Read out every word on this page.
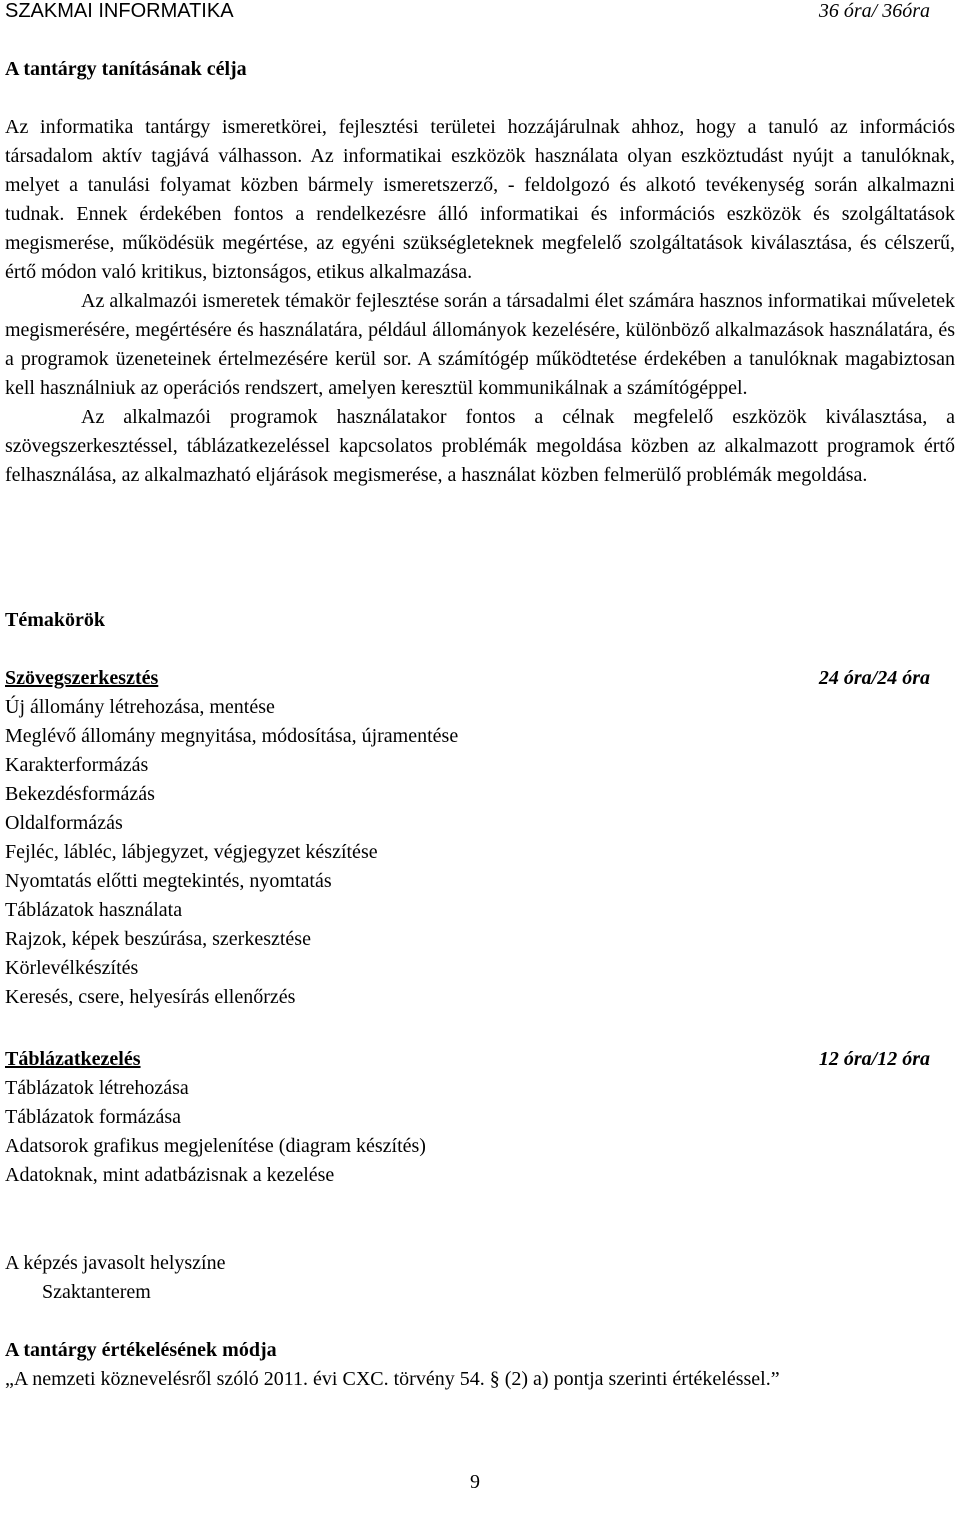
SZAKMAI INFORMATIKA	36 óra/ 36óra
A tantárgy tanításának célja

Az informatika tantárgy ismeretkörei, fejlesztési területei hozzájárulnak ahhoz, hogy a tanuló az információs társadalom aktív tagjává válhasson. Az informatikai eszközök használata olyan eszköztudást nyújt a tanulóknak, melyet a tanulási folyamat közben bármely ismeretszerző, - feldolgozó és alkotó tevékenység során alkalmazni tudnak. Ennek érdekében fontos a rendelkezésre álló informatikai és információs eszközök és szolgáltatások megismerése, működésük megértése, az egyéni szükségleteknek megfelelő szolgáltatások kiválasztása, és célszerű, értő módon való kritikus, biztonságos, etikus alkalmazása.

Az alkalmazói ismeretek témakör fejlesztése során a társadalmi élet számára hasznos informatikai műveletek megismerésére, megértésére és használatára, például állományok kezelésére, különböző alkalmazások használatára, és a programok üzeneteinek értelmezésére kerül sor. A számítógép működtetése érdekében a tanulóknak magabiztosan kell használniuk az operációs rendszert, amelyen keresztül kommunikálnak a számítógéppel.

Az alkalmazói programok használatakor fontos a célnak megfelelő eszközök kiválasztása, a szövegszerkesztéssel, táblázatkezeléssel kapcsolatos problémák megoldása közben az alkalmazott programok értő felhasználása, az alkalmazható eljárások megismerése, a használat közben felmerülő problémák megoldása.

Témakörök
Szövegszerkesztés	24 óra/24 óra
Új állomány létrehozása, mentése
Meglévő állomány megnyitása, módosítása, újramentése
Karakterformázás
Bekezdésformázás
Oldalformázás
Fejléc, lábléc, lábjegyzet, végjegyzet készítése
Nyomtatás előtti megtekintés, nyomtatás
Táblázatok használata
Rajzok, képek beszúrása, szerkesztése
Körlevélkészítés
Keresés, csere, helyesírás ellenőrzés
Táblázatkezelés	12 óra/12 óra
Táblázatok létrehozása
Táblázatok formázása
Adatsorok grafikus megjelenítése (diagram készítés)
Adatoknak, mint adatbázisnak a kezelése
A képzés javasolt helyszíne
Szaktanterem
A tantárgy értékelésének módja

„A nemzeti köznevelésről szóló 2011. évi CXC. törvény 54. § (2) a) pontja szerinti értékeléssel.”

9
